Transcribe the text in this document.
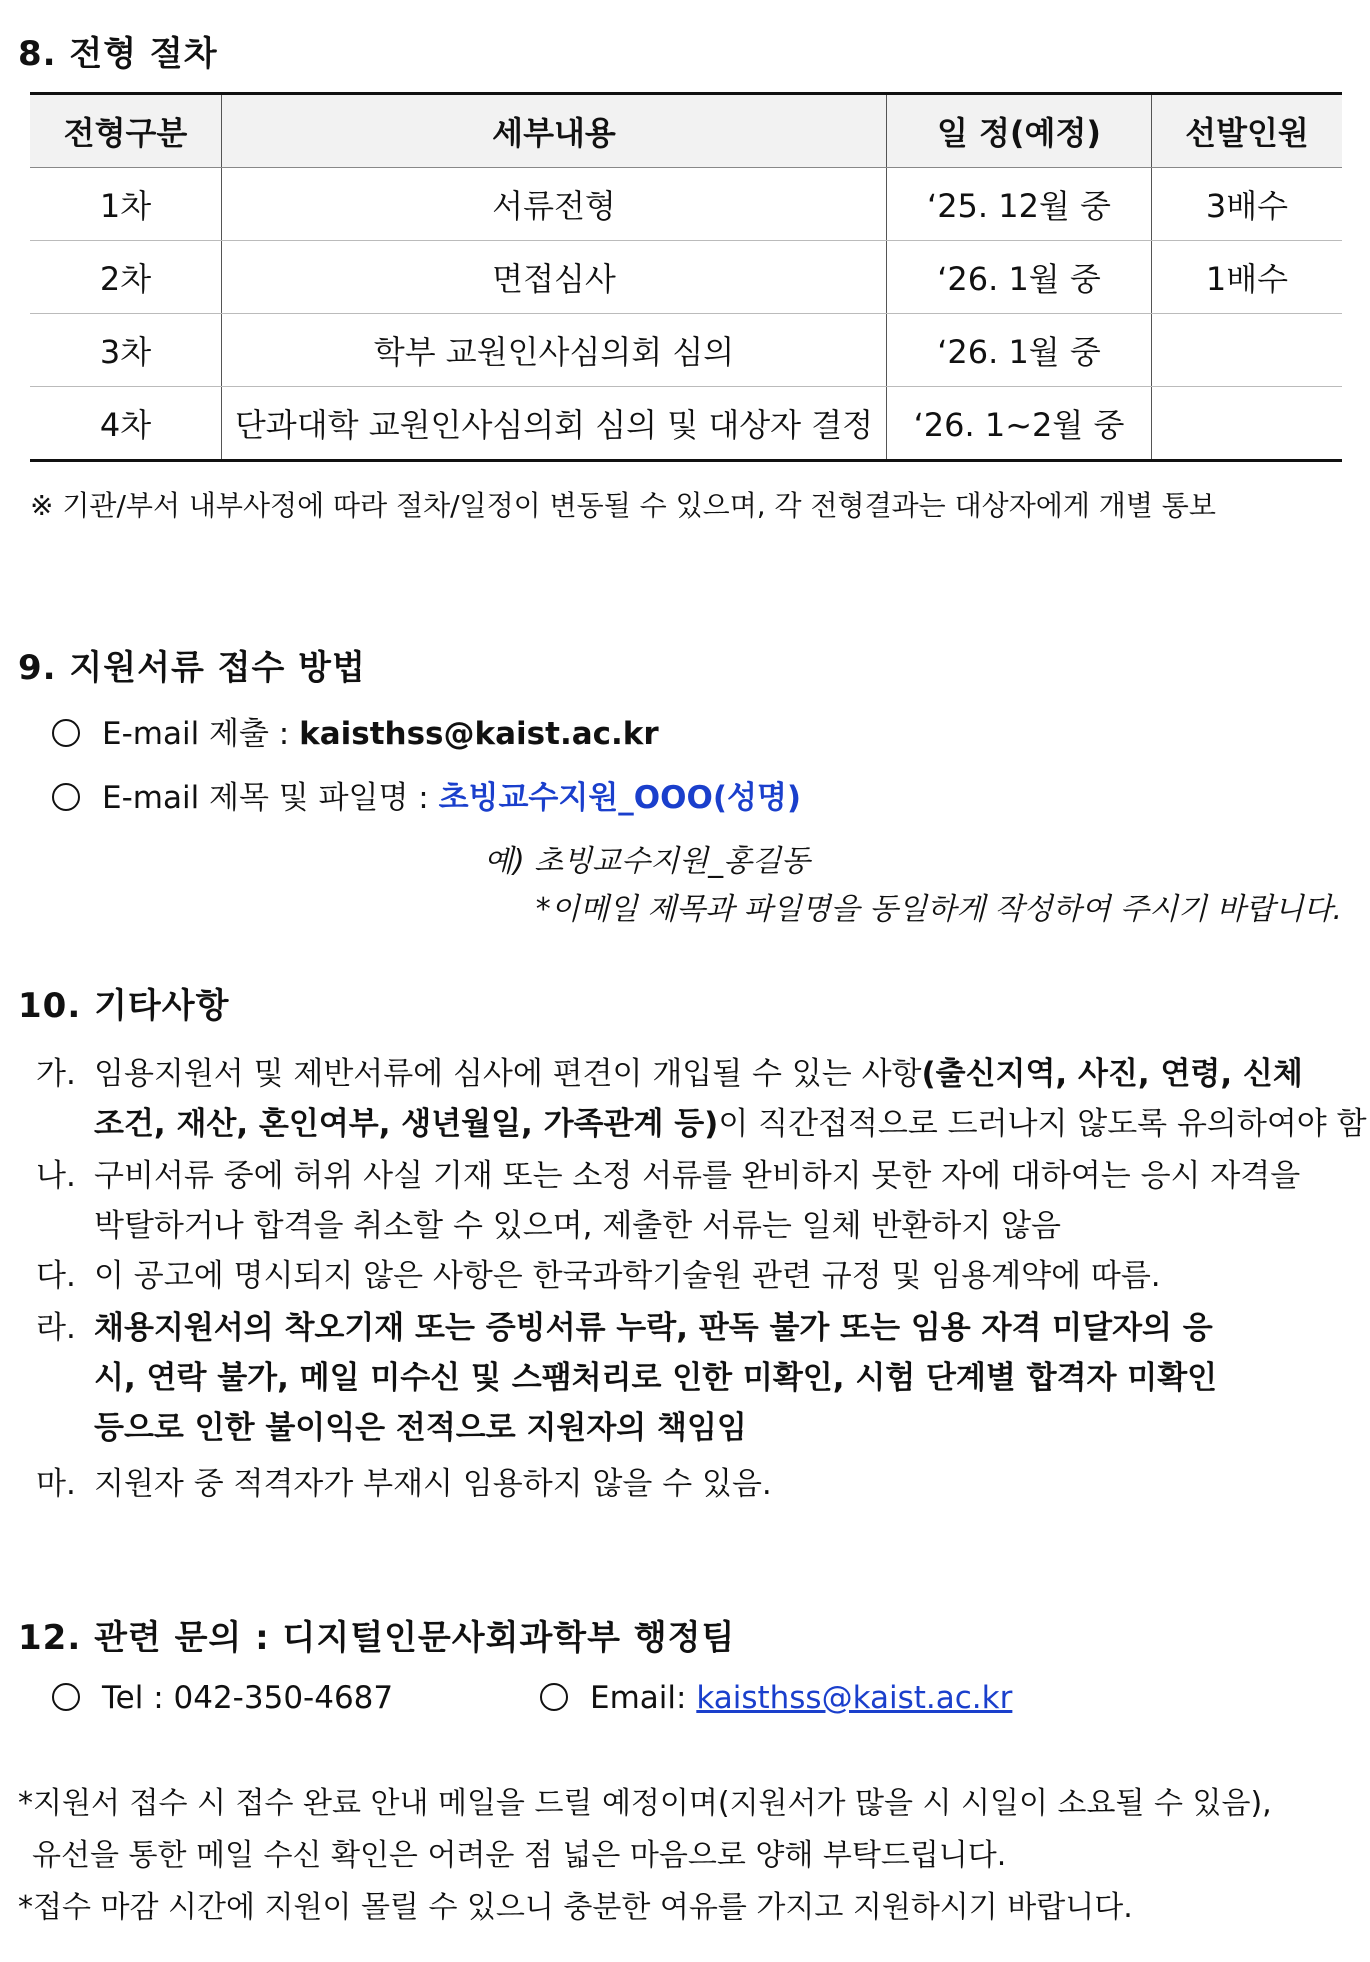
8. 전형 절차
전형구분	세부내용	일 정(예정)	선발인원
1차	서류전형	‘25. 12월 중	3배수
2차	면접심사	‘26. 1월 중	1배수
3차	학부 교원인사심의회 심의	‘26. 1월 중	
4차	단과대학 교원인사심의회 심의 및 대상자 결정	‘26. 1~2월 중	
※ 기관/부서 내부사정에 따라 절차/일정이 변동될 수 있으며, 각 전형결과는 대상자에게 개별 통보
9. 지원서류 접수 방법
E-mail 제출 : kaisthss@kaist.ac.kr
E-mail 제목 및 파일명 : 초빙교수지원_OOO(성명)
예) 초빙교수지원_홍길동
*이메일 제목과 파일명을 동일하게 작성하여 주시기 바랍니다.
10. 기타사항
가. 임용지원서 및 제반서류에 심사에 편견이 개입될 수 있는 사항(출신지역, 사진, 연령, 신체
조건, 재산, 혼인여부, 생년월일, 가족관계 등)이 직간접적으로 드러나지 않도록 유의하여야 함
나. 구비서류 중에 허위 사실 기재 또는 소정 서류를 완비하지 못한 자에 대하여는 응시 자격을
박탈하거나 합격을 취소할 수 있으며, 제출한 서류는 일체 반환하지 않음
다. 이 공고에 명시되지 않은 사항은 한국과학기술원 관련 규정 및 임용계약에 따름.
라. 채용지원서의 착오기재 또는 증빙서류 누락, 판독 불가 또는 임용 자격 미달자의 응
시, 연락 불가, 메일 미수신 및 스팸처리로 인한 미확인, 시험 단계별 합격자 미확인
등으로 인한 불이익은 전적으로 지원자의 책임임
마. 지원자 중 적격자가 부재시 임용하지 않을 수 있음.
12. 관련 문의 : 디지털인문사회과학부 행정팀
Tel : 042-350-4687	Email: kaisthss@kaist.ac.kr
*지원서 접수 시 접수 완료 안내 메일을 드릴 예정이며(지원서가 많을 시 시일이 소요될 수 있음),
유선을 통한 메일 수신 확인은 어려운 점 넓은 마음으로 양해 부탁드립니다.
*접수 마감 시간에 지원이 몰릴 수 있으니 충분한 여유를 가지고 지원하시기 바랍니다.
